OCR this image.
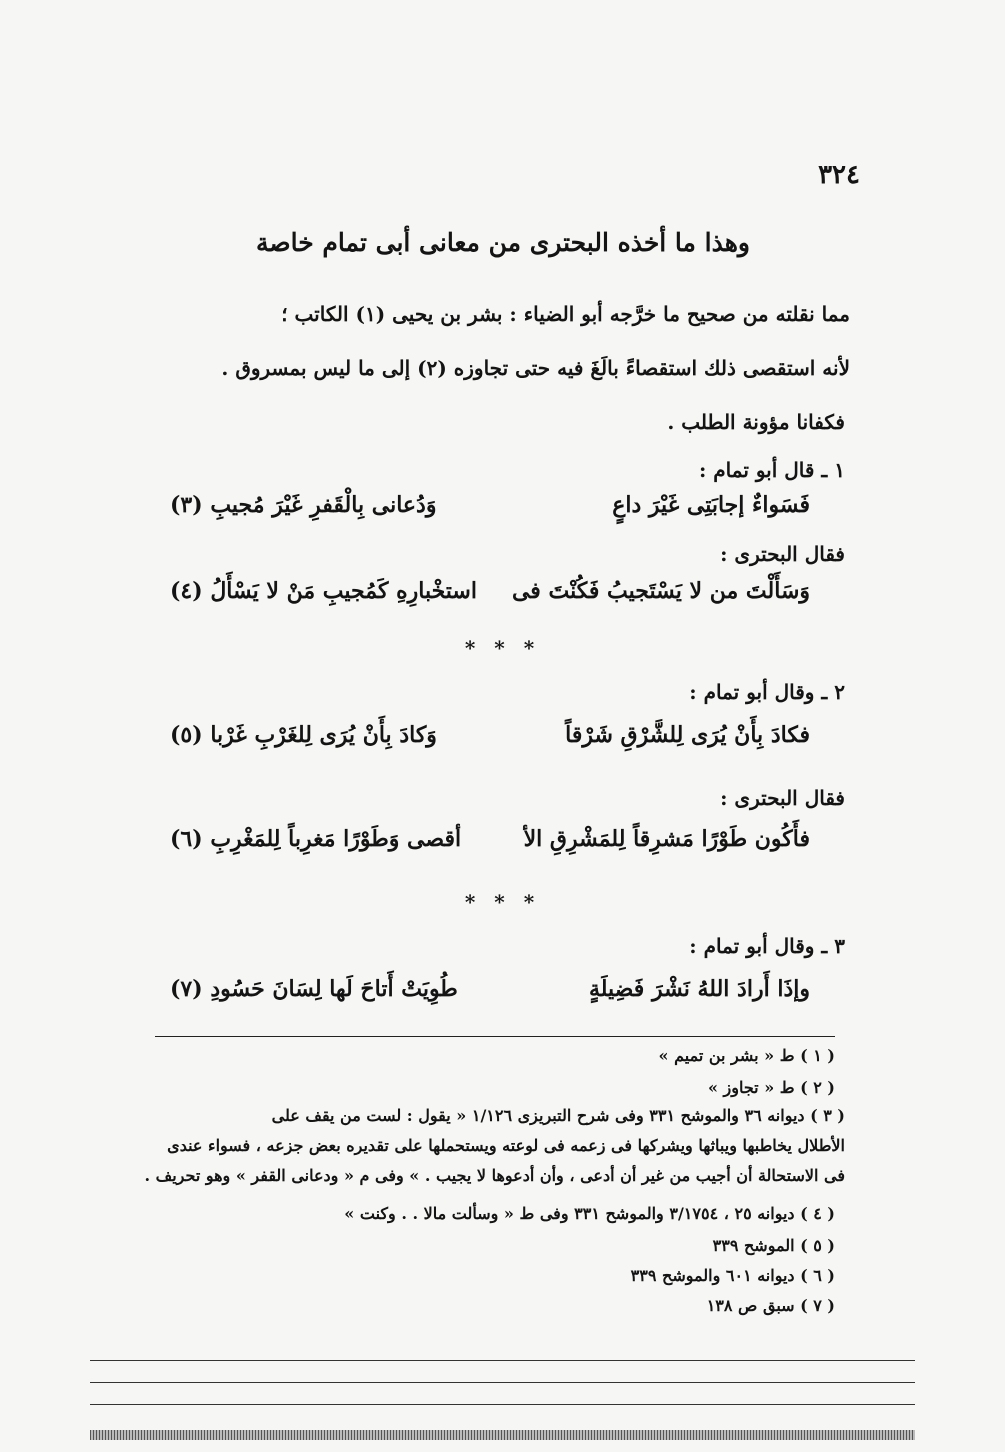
٣٢٤
وهذا ما أخذه البحترى من معانى أبى تمام خاصة
مما نقلته من صحيح ما خرَّجه أبو الضياء : بشر بن يحيى (١) الكاتب ؛
لأنه استقصى ذلك استقصاءً بالَغَ فيه حتى تجاوزه (٢) إلى ما ليس بمسروق .
فكفانا مؤونة الطلب .
١ ـ قال أبو تمام :
فَسَواءٌ إجابَتِى غَيْرَ داعٍ
وَدُعانى بِالْقَفرِ غَيْرَ مُجيبِ (٣)
فقال البحترى :
وَسَأَلْتَ من لا يَسْتَجيبُ فَكُنْتَ فى
استخْبارِهِ كَمُجيبِ مَنْ لا يَسْأَلُ (٤)
* * *
٢ ـ وقال أبو تمام :
فكادَ بِأَنْ يُرَى لِلشَّرْقِ شَرْقاً
وَكادَ بِأَنْ يُرَى لِلغَرْبِ غَرْبا (٥)
فقال البحترى :
فأَكُون طَوْرًا مَشرِقاً لِلمَشْرِقِ الأ
أقصى وَطَوْرًا مَغرِباً لِلمَغْرِبِ (٦)
* * *
٣ ـ وقال أبو تمام :
وإذَا أَرادَ اللهُ نَشْرَ فَضِيلَةٍ
طُوِيَتْ أَتاحَ لَها لِسَانَ حَسُودِ (٧)
( ١ ) ط « بشر بن تميم »
( ٢ ) ط « تجاوز »
( ٣ ) ديوانه ٣٦ والموشح ٣٣١ وفى شرح التبريزى ١/١٢٦ « يقول : لست من يقف على
الأطلال يخاطبها ويباثها ويشركها فى زعمه فى لوعته ويستحملها على تقديره بعض جزعه ، فسواء عندى
فى الاستحالة أن أجيب من غير أن أدعى ، وأن أدعوها لا يجيب . » وفى م « ودعانى القفر » وهو تحريف .
( ٤ ) ديوانه ٢٥ ، ٣/١٧٥٤ والموشح ٣٣١ وفى ط « وسألت مالا . . وكنت »
( ٥ ) الموشح ٣٣٩
( ٦ ) ديوانه ٦٠١ والموشح ٣٣٩
( ٧ ) سبق ص ١٣٨
